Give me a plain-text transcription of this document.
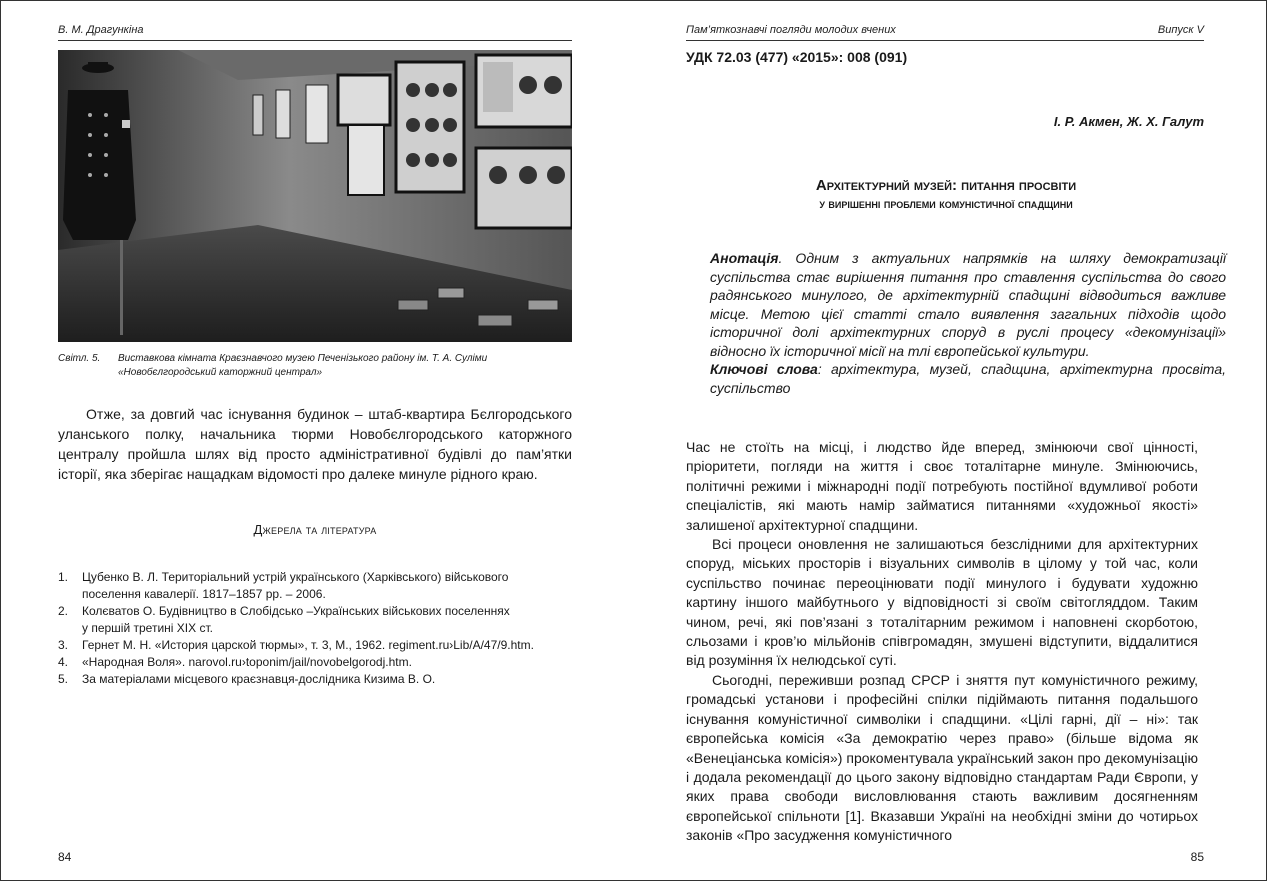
В. М. Драгункіна
Світл. 5.	Виставкова кімната Краєзнавчого музею Печенізького району ім. Т. А. Суліми
«Новобєлгородський каторжний централ»

Отже, за довгий час існування будинок – штаб-квартира Бєлгородського уланського полку, начальника тюрми Новобєлгородського каторжного централу пройшла шлях від просто адміністративної будівлі до пам’ятки історії, яка зберігає нащадкам відомості про далеке минуле рідного краю.

Джерела та література
1. Цубенко В. Л. Територіальний устрій українського (Харківського) військового
поселення кавалерії. 1817–1857 рр. – 2006.
2. Колєватов О. Будівництво в Слобідсько –Українських військових поселеннях
у першій третині ХІХ ст.
3. Гернет М. Н. «История царской тюрмы», т. 3, М., 1962. regiment.ru›Lib/A/47/9.htm.
4. «Народная Воля». narovol.ru›toponim/jail/novobelgorodj.htm.
5. За матеріалами місцевого краєзнавця-дослідника Кизима В. О.
84
Пам’яткознавчі погляди молодих вчених	Випуск V
УДК 72.03 (477) «2015»: 008 (091)
І. Р. Акмен, Ж. Х. Галут
Архітектурний музей: питання просвіти
у вирішенні проблеми комуністичної спадщини
Анотація. Одним з актуальних напрямків на шляху демократизації суспільства стає вирішення питання про ставлення суспільства до свого радянського минулого, де архітектурній спадщині відводиться важливе місце. Метою цієї статті стало виявлення загальних підходів щодо історичної долі архітектурних споруд в руслі процесу «декомунізації» відносно їх історичної місії на тлі європейської культури.
Ключові слова: архітектура, музей, спадщина, архітектурна просвіта, суспільство

Час не стоїть на місці, і людство йде вперед, змінюючи свої цінності, пріоритети, погляди на життя і своє тоталітарне минуле. Змінюючись, політичні режими і міжнародні події потребують постійної вдумливої роботи спеціалістів, які мають намір займатися питаннями «художньої якості» залишеної архітектурної спадщини.

Всі процеси оновлення не залишаються безслідними для архітектурних споруд, міських просторів і візуальних символів в цілому у той час, коли суспільство починає переоцінювати події минулого і будувати художню картину іншого майбутнього у відповідності зі своїм світогляддом. Таким чином, речі, які пов’язані з тоталітарним режимом і наповнені скорботою, сльозами і кров’ю мільйонів співгромадян, змушені відступити, віддалитися від розуміння їх нелюдської суті.

Сьогодні, переживши розпад СРСР і зняття пут комуністичного режиму, громадські установи і професійні спілки підіймають питання подальшого існування комуністичної символіки і спадщини. «Цілі гарні, дії – ні»: так європейська комісія «За демократію через право» (більше відома як «Венеціанська комісія») прокоментувала український закон про декомунізацію і додала рекомендації до цього закону відповідно стандартам Ради Європи, у яких права свободи висловлювання стають важливим досягненням європейської спільноти [1]. Вказавши Україні на необхідні зміни до чотирьох законів «Про засудження комуністичного

85
